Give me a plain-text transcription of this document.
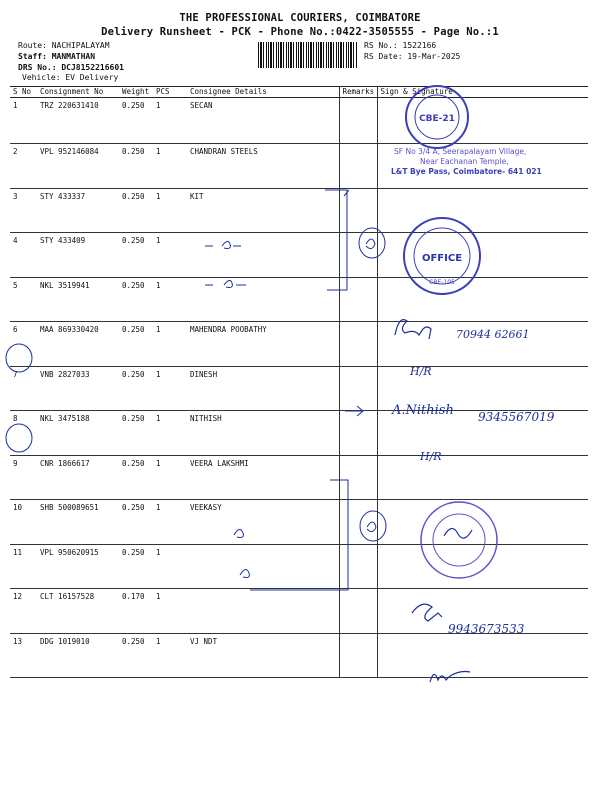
THE PROFESSIONAL COURIERS, COIMBATORE
Delivery Runsheet - PCK - Phone No.:0422-3505555 - Page No.:1
Route: NACHIPALAYAM
Staff: MANMATHAN
DRS No.: DCJ8152216601
Vehicle: EV Delivery
RS No.: 1522166
RS Date: 19-Mar-2025
S No	Consignment No	Weight	PCS	Consignee Details	Remarks	Sign & Signature
1	TRZ 220631410	0.250	1	SECAN		
2	VPL 952146084	0.250	1	CHANDRAN STEELS		
3	STY 433337	0.250	1	KIT		
4	STY 433409	0.250	1			
5	NKL 3519941	0.250	1			
6	MAA 869330420	0.250	1	MAHENDRA POOBATHY		
7	VNB 2827033	0.250	1	DINESH		
8	NKL 3475188	0.250	1	NITHISH		
9	CNR 1866617	0.250	1	VEERA LAKSHMI		
10	SHB 500089651	0.250	1	VEEKASY		
11	VPL 950620915	0.250	1			
12	CLT 16157528	0.170	1			
13	DDG 1019010	0.250	1	VJ NDT		
CBE-21
SF No 3/4 A, Seerapalayam Village,
Near Eachanan Temple,
L&T Bye Pass, Coimbatore- 641 021
OFFICE
CBE-105
70944 62661
H/R
A.Nithish 9345567019
H/R
9943673533
